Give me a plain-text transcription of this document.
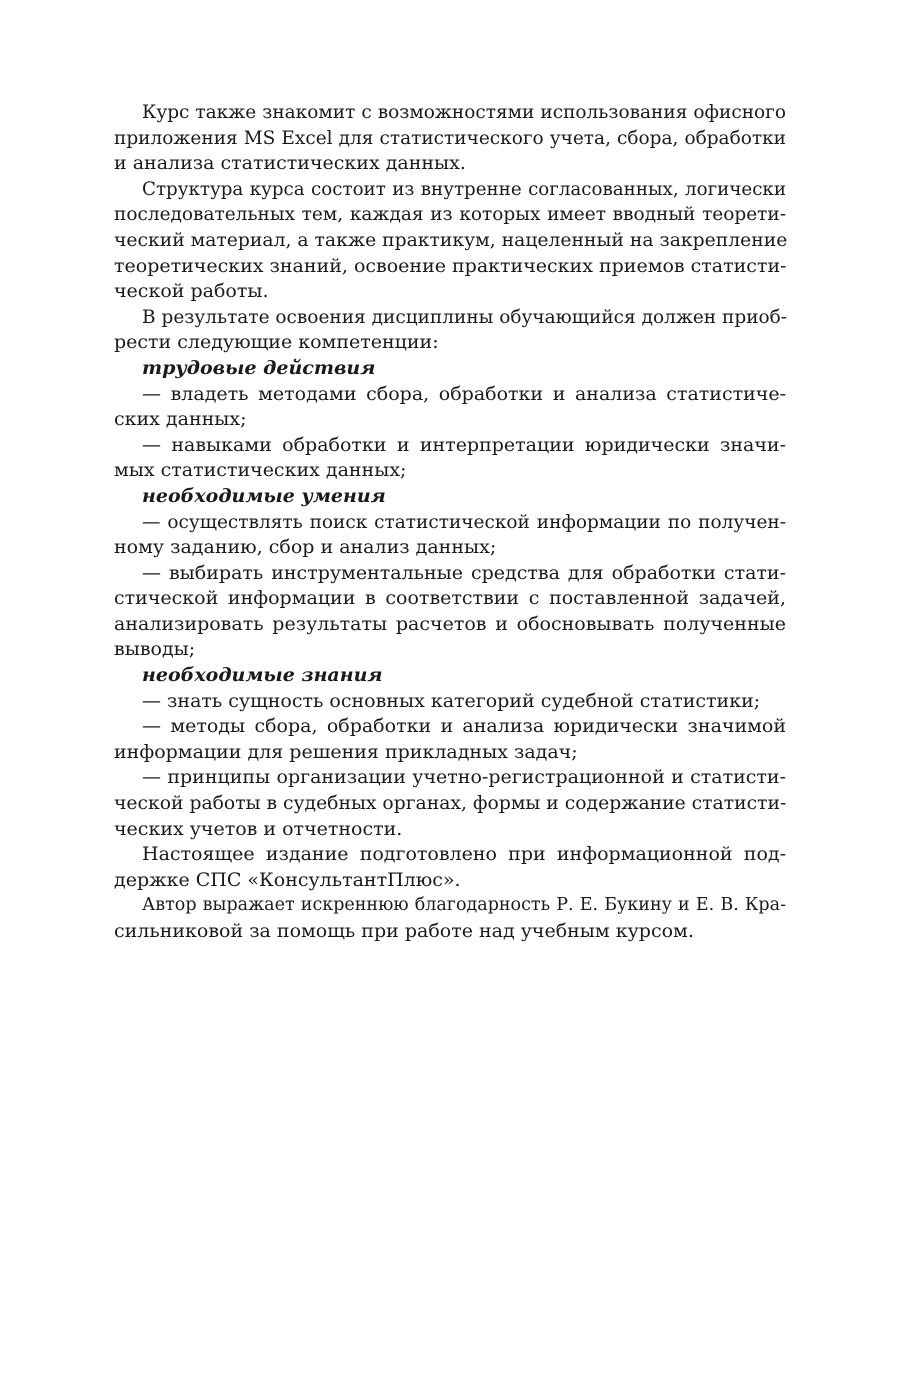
Курс также знакомит с возможностями использования офисного
приложения MS Excel для статистического учета, сбора, обработки
и анализа статистических данных.
Структура курса состоит из внутренне согласованных, логически
последовательных тем, каждая из которых имеет вводный теорети-
ческий материал, а также практикум, нацеленный на закрепление
теоретических знаний, освоение практических приемов статисти-
ческой работы.
В результате освоения дисциплины обучающийся должен приоб-
рести следующие компетенции:
трудовые действия
— владеть методами сбора, обработки и анализа статистиче-
ских данных;
— навыками обработки и интерпретации юридически значи-
мых статистических данных;
необходимые умения
— осуществлять поиск статистической информации по получен-
ному заданию, сбор и анализ данных;
— выбирать инструментальные средства для обработки стати-
стической информации в соответствии с поставленной задачей,
анализировать результаты расчетов и обосновывать полученные
выводы;
необходимые знания
— знать сущность основных категорий судебной статистики;
— методы сбора, обработки и анализа юридически значимой
информации для решения прикладных задач;
— принципы организации учетно-регистрационной и статисти-
ческой работы в судебных органах, формы и содержание статисти-
ческих учетов и отчетности.
Настоящее издание подготовлено при информационной под-
держке СПС «КонсультантПлюс».
Автор выражает искреннюю благодарность Р. Е. Букину и Е. В. Кра-
сильниковой за помощь при работе над учебным курсом.
